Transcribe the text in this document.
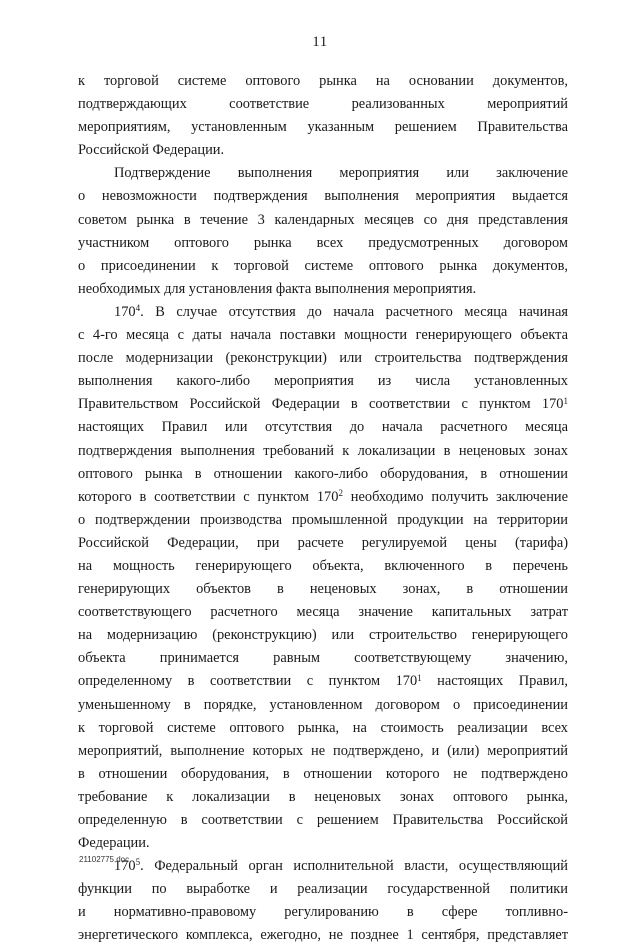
11
к торговой системе оптового рынка на основании документов,
подтверждающих соответствие реализованных мероприятий
мероприятиям, установленным указанным решением Правительства
Российской Федерации.
Подтверждение выполнения мероприятия или заключение
о невозможности подтверждения выполнения мероприятия выдается
советом рынка в течение 3 календарных месяцев со дня представления
участником оптового рынка всех предусмотренных договором
о присоединении к торговой системе оптового рынка документов,
необходимых для установления факта выполнения мероприятия.
$170^4$. В случае отсутствия до начала расчетного месяца начиная
с 4-го месяца с даты начала поставки мощности генерирующего объекта
после модернизации (реконструкции) или строительства подтверждения
выполнения какого-либо мероприятия из числа установленных
Правительством Российской Федерации в соответствии с пунктом $170^1$
настоящих Правил или отсутствия до начала расчетного месяца
подтверждения выполнения требований к локализации в неценовых зонах
оптового рынка в отношении какого-либо оборудования, в отношении
которого в соответствии с пунктом $170^2$ необходимо получить заключение
о подтверждении производства промышленной продукции на территории
Российской Федерации, при расчете регулируемой цены (тарифа)
на мощность генерирующего объекта, включенного в перечень
генерирующих объектов в неценовых зонах, в отношении
соответствующего расчетного месяца значение капитальных затрат
на модернизацию (реконструкцию) или строительство генерирующего
объекта принимается равным соответствующему значению,
определенному в соответствии с пунктом $170^1$ настоящих Правил,
уменьшенному в порядке, установленном договором о присоединении
к торговой системе оптового рынка, на стоимость реализации всех
мероприятий, выполнение которых не подтверждено, и (или) мероприятий
в отношении оборудования, в отношении которого не подтверждено
требование к локализации в неценовых зонах оптового рынка,
определенную в соответствии с решением Правительства Российской
Федерации.
$170^5$. Федеральный орган исполнительной власти, осуществляющий
функции по выработке и реализации государственной политики
и нормативно-правовому регулированию в сфере топливно-
энергетического комплекса, ежегодно, не позднее 1 сентября, представляет
21102775.doc
